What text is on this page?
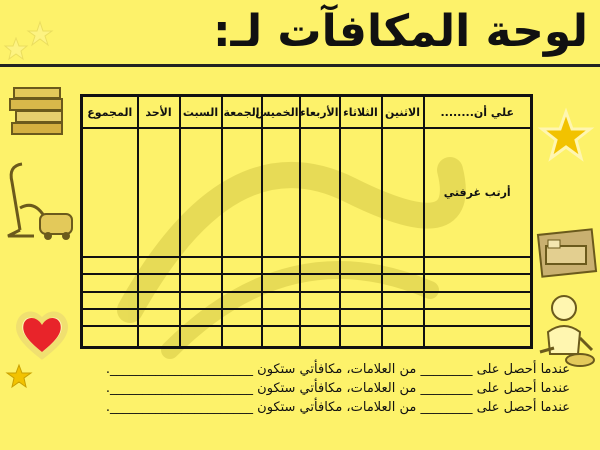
لوحة المكافآت لـ:
علي أن........	الاثنين	الثلاثاء	الأربعاء	الخميس	الجمعة	السبت	الأحد	المجموع
أرتب غرفتي								

عندما أحصل على ________ من العلامات، مكافأتي ستكون ______________________.
عندما أحصل على ________ من العلامات، مكافأتي ستكون ______________________.
عندما أحصل على ________ من العلامات، مكافأتي ستكون ______________________.
